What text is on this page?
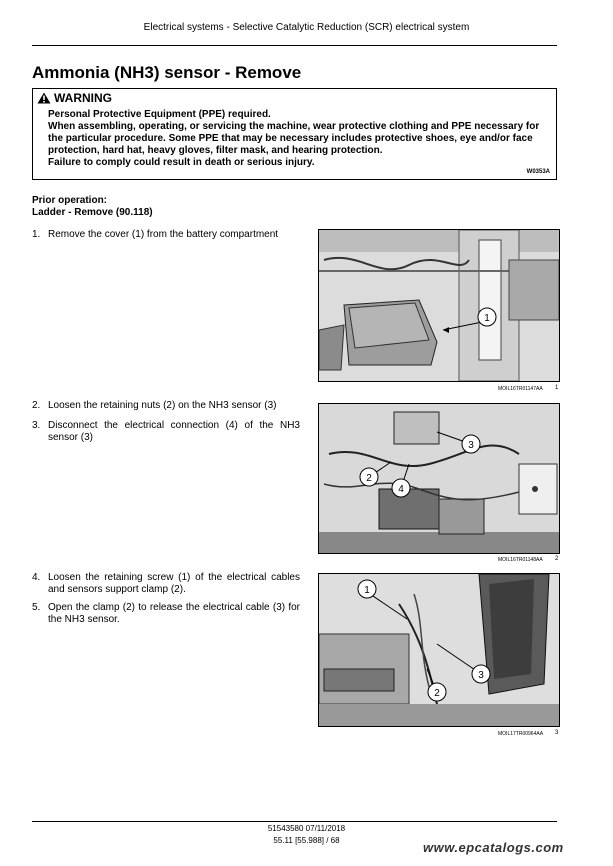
Electrical systems - Selective Catalytic Reduction (SCR) electrical system
Ammonia (NH3) sensor - Remove
WARNING
Personal Protective Equipment (PPE) required.
When assembling, operating, or servicing the machine, wear protective clothing and PPE necessary for the particular procedure. Some PPE that may be necessary includes protective shoes, eye and/or face protection, hard hat, heavy gloves, filter mask, and hearing protection.
Failure to comply could result in death or serious injury.
W0353A
Prior operation:
Ladder - Remove (90.118)
1. Remove the cover (1) from the battery compartment
1
MOIL16TR01147AA 1
2. Loosen the retaining nuts (2) on the NH3 sensor (3)
3. Disconnect the electrical connection (4) of the NH3 sensor (3)
2
3
4
MOIL16TR01148AA 2
4. Loosen the retaining screw (1) of the electrical cables and sensors support clamp (2).
5. Open the clamp (2) to release the electrical cable (3) for the NH3 sensor.
1
2
3
MOIL17TR00964AA 3
51543580 07/11/2018
55.11 [55.988] / 68	www.epcatalogs.com
